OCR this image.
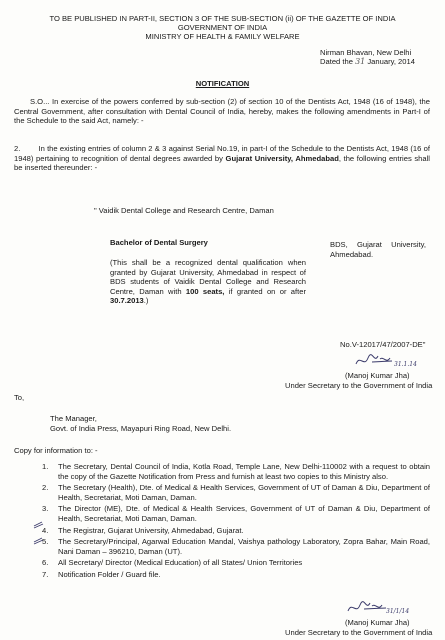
TO BE PUBLISHED IN PART-II, SECTION 3 OF THE SUB-SECTION (ii) OF THE GAZETTE OF INDIA
GOVERNMENT OF INDIA
MINISTRY OF HEALTH & FAMILY WELFARE
Nirman Bhavan, New Delhi
Dated the 31 January, 2014
NOTIFICATION
S.O... In exercise of the powers conferred by sub-section (2) of section 10 of the Dentists Act, 1948 (16 of 1948), the Central Government, after consultation with Dental Council of India, hereby, makes the following amendments in Part-I of the Schedule to the said Act, namely: -
2. In the existing entries of column 2 & 3 against Serial No.19, in part-I of the Schedule to the Dentists Act, 1948 (16 of 1948) pertaining to recognition of dental degrees awarded by Gujarat University, Ahmedabad, the following entries shall be inserted thereunder: -
" Vaidik Dental College and Research Centre, Daman
Bachelor of Dental Surgery	BDS, Gujarat University, Ahmedabad.
(This shall be a recognized dental qualification when granted by Gujarat University, Ahmedabad in respect of BDS students of Vaidik Dental College and Research Centre, Daman with 100 seats, if granted on or after 30.7.2013.)
No.V-12017/47/2007-DE"
31.1.14
(Manoj Kumar Jha)
Under Secretary to the Government of India
To,
The Manager,
Govt. of India Press, Mayapuri Ring Road, New Delhi.
Copy for information to: -
1.	The Secretary, Dental Council of India, Kotla Road, Temple Lane, New Delhi-110002 with a request to obtain the copy of the Gazette Notification from Press and furnish at least two copies to this Ministry also.
2.	The Secretary (Health), Dte. of Medical & Health Services, Government of UT of Daman & Diu, Department of Health, Secretariat, Moti Daman, Daman.
3.	The Director (ME), Dte. of Medical & Health Services, Government of UT of Daman & Diu, Department of Health, Secretariat, Moti Daman, Daman.
4.	The Registrar, Gujarat University, Ahmedabad, Gujarat.
5.	The Secretary/Principal, Agarwal Education Mandal, Vaishya pathology Laboratory, Zopra Bahar, Main Road, Nani Daman – 396210, Daman (UT).
6.	All Secretary/ Director (Medical Education) of all States/ Union Territories
7.	Notification Folder / Guard file.
31/1/14
(Manoj Kumar Jha)
Under Secretary to the Government of India
